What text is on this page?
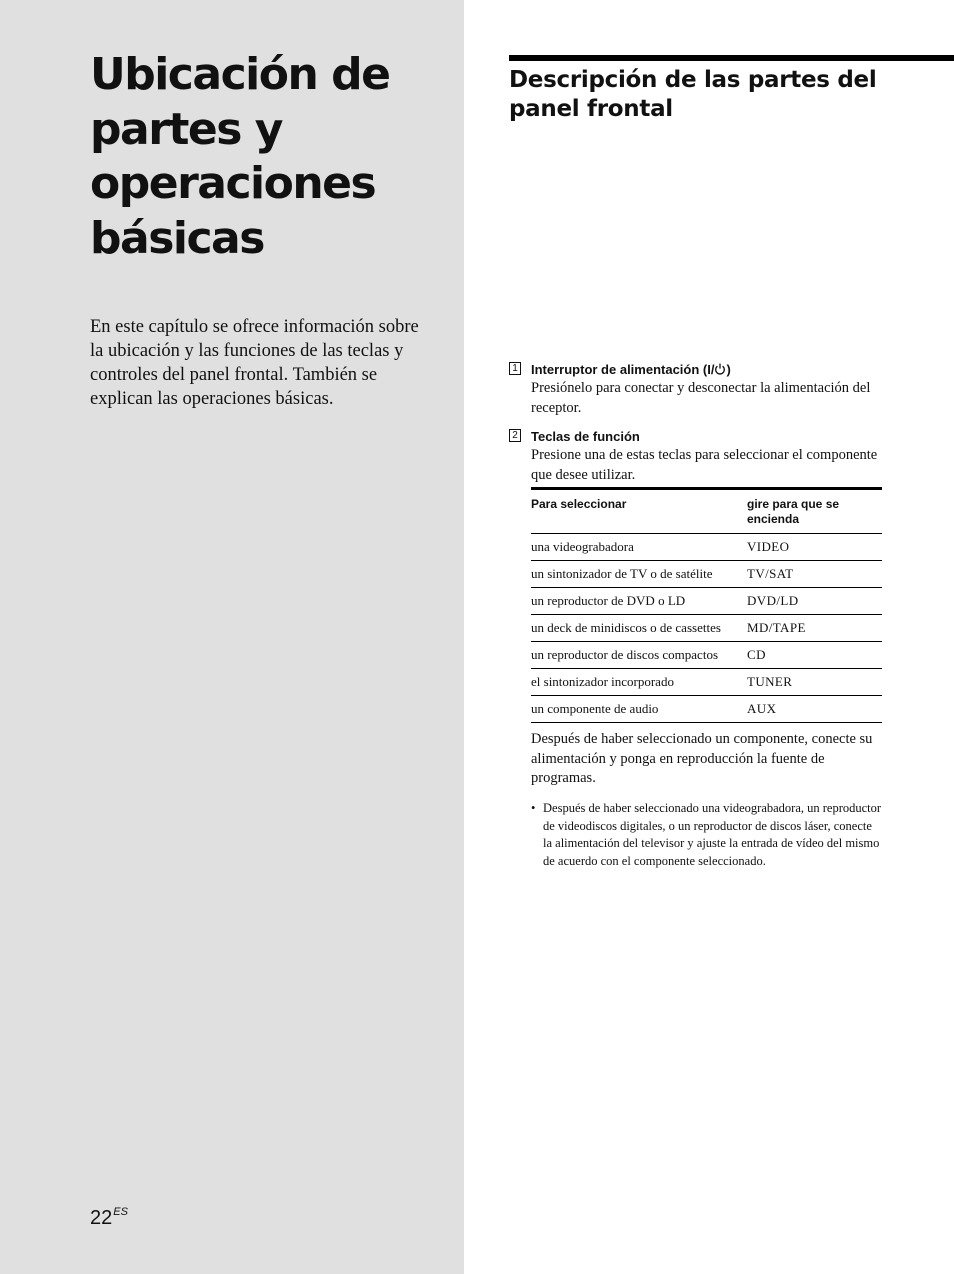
Ubicación de partes y operaciones básicas

En este capítulo se ofrece información sobre la ubicación y las funciones de las teclas y controles del panel frontal. También se explican las operaciones básicas.

$22^{ES}$
Descripción de las partes del panel frontal
1 Interruptor de alimentación (I/ )
Presiónelo para conectar y desconectar la alimentación del receptor.
2 Teclas de función
Presione una de estas teclas para seleccionar el componente que desee utilizar.
Para seleccionar	gire para que se encienda
una videograbadora	VIDEO
un sintonizador de TV o de satélite	TV/SAT
un reproductor de DVD o LD	DVD/LD
un deck de minidiscos o de cassettes	MD/TAPE
un reproductor de discos compactos	CD
el sintonizador incorporado	TUNER
un componente de audio	AUX

Después de haber seleccionado un componente, conecte su alimentación y ponga en reproducción la fuente de programas.

• Después de haber seleccionado una videograbadora, un reproductor de videodiscos digitales, o un reproductor de discos láser, conecte la alimentación del televisor y ajuste la entrada de vídeo del mismo de acuerdo con el componente seleccionado.
